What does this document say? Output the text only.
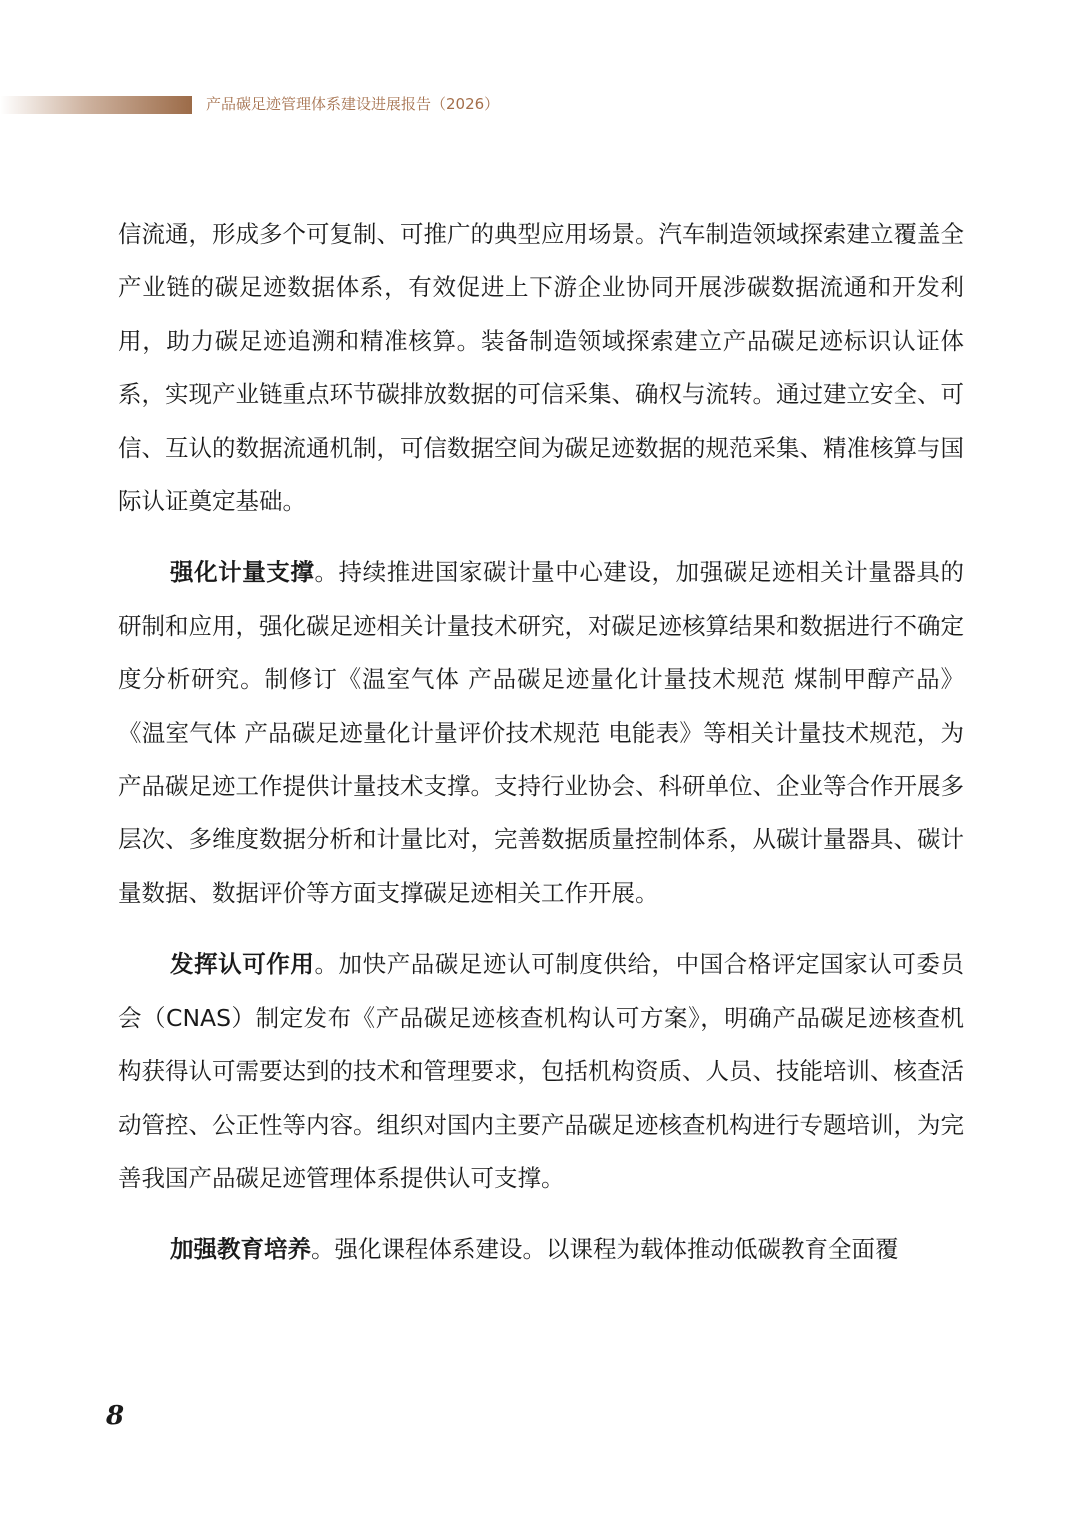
产品碳足迹管理体系建设进展报告（2026）

信流通，形成多个可复制、可推广的典型应用场景。汽车制造领域探索建立覆盖全产业链的碳足迹数据体系，有效促进上下游企业协同开展涉碳数据流通和开发利用，助力碳足迹追溯和精准核算。装备制造领域探索建立产品碳足迹标识认证体系，实现产业链重点环节碳排放数据的可信采集、确权与流转。通过建立安全、可信、互认的数据流通机制，可信数据空间为碳足迹数据的规范采集、精准核算与国际认证奠定基础。

强化计量支撑。持续推进国家碳计量中心建设，加强碳足迹相关计量器具的研制和应用，强化碳足迹相关计量技术研究，对碳足迹核算结果和数据进行不确定度分析研究。制修订《温室气体 产品碳足迹量化计量技术规范 煤制甲醇产品》《温室气体 产品碳足迹量化计量评价技术规范 电能表》等相关计量技术规范，为产品碳足迹工作提供计量技术支撑。支持行业协会、科研单位、企业等合作开展多层次、多维度数据分析和计量比对，完善数据质量控制体系，从碳计量器具、碳计量数据、数据评价等方面支撑碳足迹相关工作开展。

发挥认可作用。加快产品碳足迹认可制度供给，中国合格评定国家认可委员会（CNAS）制定发布《产品碳足迹核查机构认可方案》，明确产品碳足迹核查机构获得认可需要达到的技术和管理要求，包括机构资质、人员、技能培训、核查活动管控、公正性等内容。组织对国内主要产品碳足迹核查机构进行专题培训，为完善我国产品碳足迹管理体系提供认可支撑。

加强教育培养。强化课程体系建设。以课程为载体推动低碳教育全面覆

8
